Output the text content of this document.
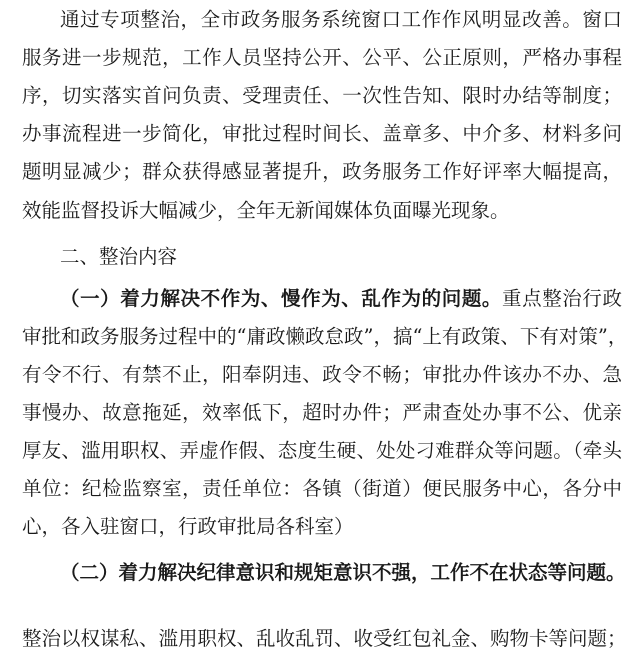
通过专项整治，全市政务服务系统窗口工作作风明显改善。窗口
服务进一步规范，工作人员坚持公开、公平、公正原则，严格办事程
序，切实落实首问负责、受理责任、一次性告知、限时办结等制度；
办事流程进一步简化，审批过程时间长、盖章多、中介多、材料多问
题明显减少；群众获得感显著提升，政务服务工作好评率大幅提高，
效能监督投诉大幅减少，全年无新闻媒体负面曝光现象。
二、整治内容
（一）着力解决不作为、慢作为、乱作为的问题。重点整治行政
审批和政务服务过程中的“庸政懒政怠政”，搞“上有政策、下有对策”，
有令不行、有禁不止，阳奉阴违、政令不畅；审批办件该办不办、急
事慢办、故意拖延，效率低下，超时办件；严肃查处办事不公、优亲
厚友、滥用职权、弄虚作假、态度生硬、处处刁难群众等问题。（牵头
单位：纪检监察室，责任单位：各镇（街道）便民服务中心，各分中
心，各入驻窗口，行政审批局各科室）
（二）着力解决纪律意识和规矩意识不强，工作不在状态等问题。
整治以权谋私、滥用职权、乱收乱罚、收受红包礼金、购物卡等问题；
